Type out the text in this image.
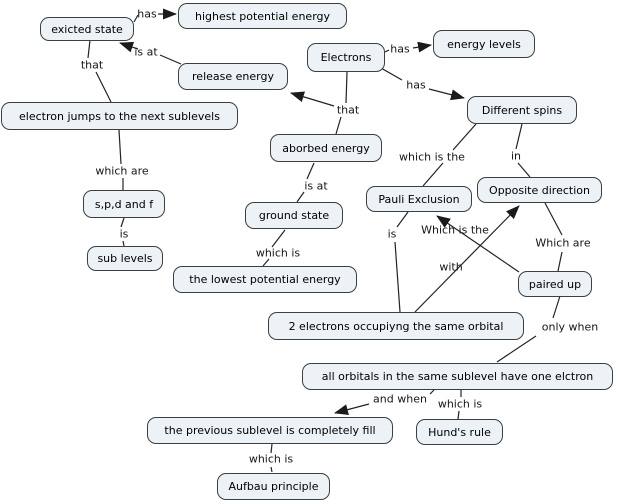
exicted state
highest potential energy
Electrons
energy levels
release energy
Different spins
electron jumps to the next sublevels
aborbed energy
Pauli Exclusion
Opposite direction
ground state
s,p,d and f
sub levels
the lowest potential energy	paired up
2 electrons occupiyng the same orbital
all orbitals in the same sublevel have one elctron
the previous sublevel is completely fill	Hund's rule
Aufbau principle
has
is at
that
which are
is
has
has
that
is at
which is
which is the	in
Which are
is
with
Which is the
only when
and when which is
which is
